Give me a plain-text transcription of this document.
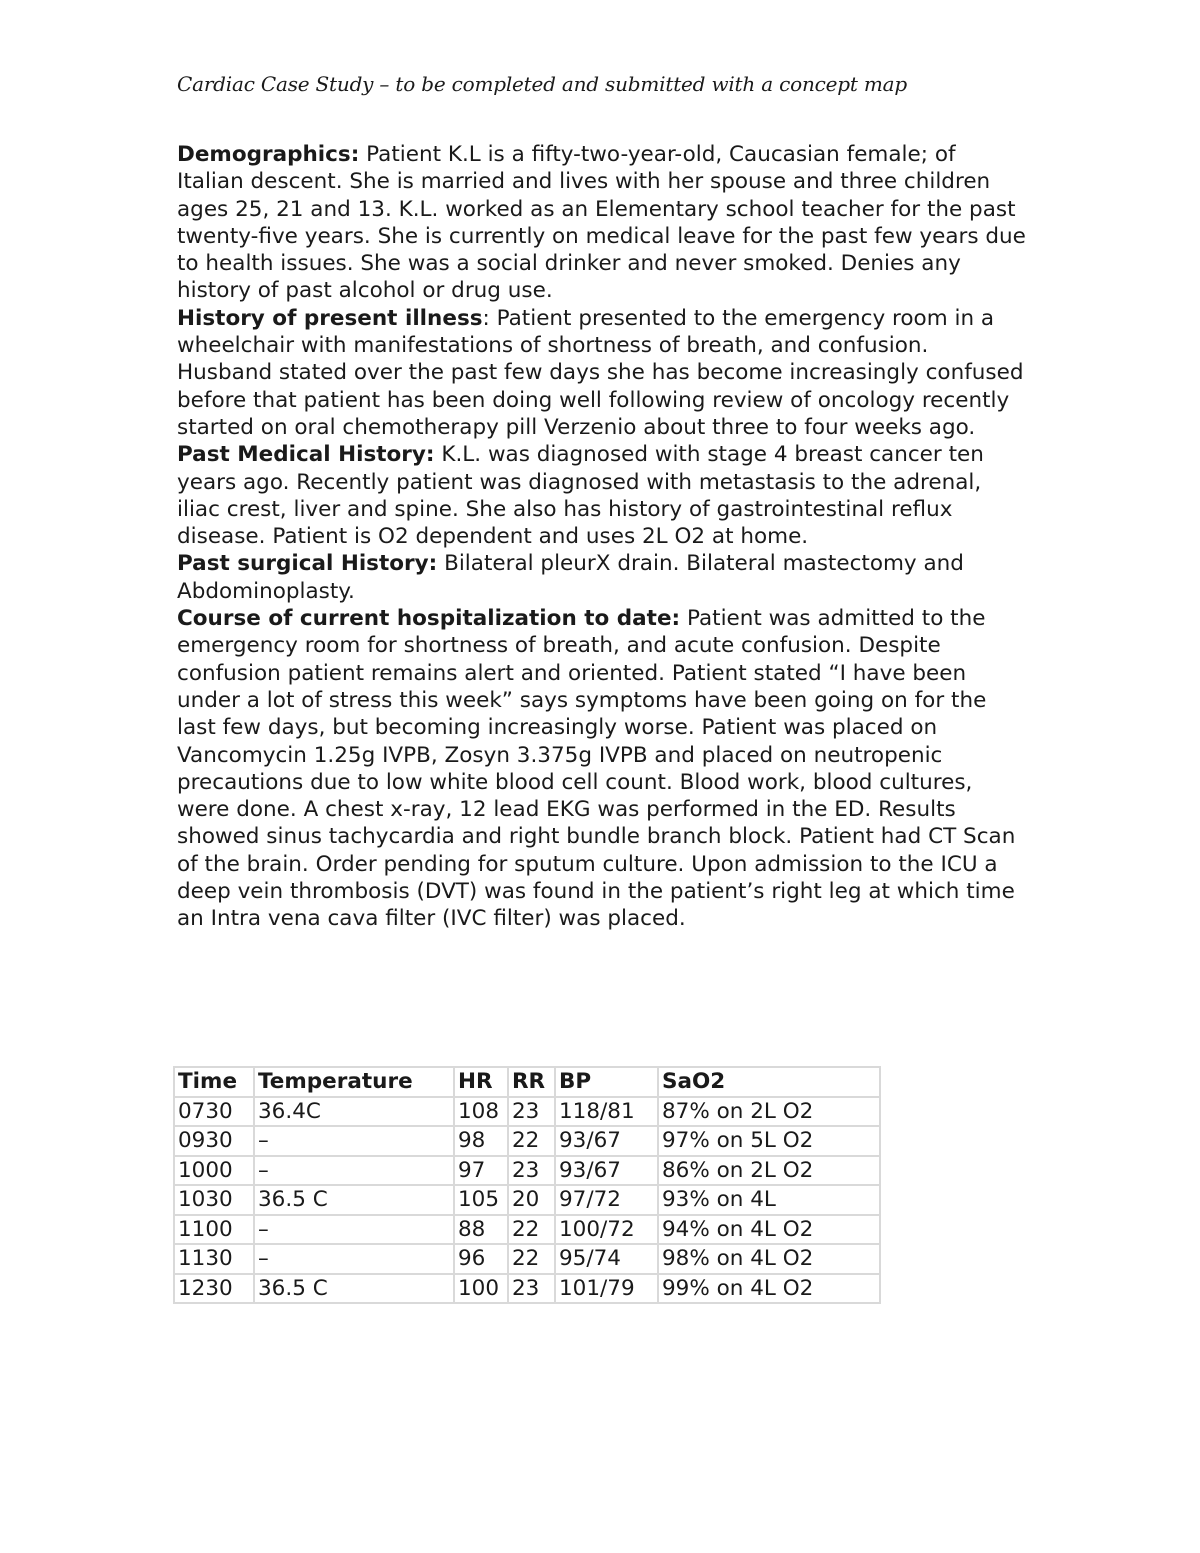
Cardiac Case Study – to be completed and submitted with a concept map

Demographics: Patient K.L is a fifty-two-year-old, Caucasian female; of Italian descent. She is married and lives with her spouse and three children ages 25, 21 and 13. K.L. worked as an Elementary school teacher for the past twenty-five years. She is currently on medical leave for the past few years due to health issues. She was a social drinker and never smoked. Denies any history of past alcohol or drug use.

History of present illness: Patient presented to the emergency room in a wheelchair with manifestations of shortness of breath, and confusion. Husband stated over the past few days she has become increasingly confused before that patient has been doing well following review of oncology recently started on oral chemotherapy pill Verzenio about three to four weeks ago.

Past Medical History: K.L. was diagnosed with stage 4 breast cancer ten years ago. Recently patient was diagnosed with metastasis to the adrenal, iliac crest, liver and spine. She also has history of gastrointestinal reflux disease. Patient is O2 dependent and uses 2L O2 at home.

Past surgical History: Bilateral pleurX drain. Bilateral mastectomy and Abdominoplasty.

Course of current hospitalization to date: Patient was admitted to the emergency room for shortness of breath, and acute confusion. Despite confusion patient remains alert and oriented. Patient stated “I have been under a lot of stress this week” says symptoms have been going on for the last few days, but becoming increasingly worse. Patient was placed on Vancomycin 1.25g IVPB, Zosyn 3.375g IVPB and placed on neutropenic precautions due to low white blood cell count. Blood work, blood cultures, were done. A chest x-ray, 12 lead EKG was performed in the ED. Results showed sinus tachycardia and right bundle branch block. Patient had CT Scan of the brain. Order pending for sputum culture. Upon admission to the ICU a deep vein thrombosis (DVT) was found in the patient’s right leg at which time an Intra vena cava filter (IVC filter) was placed.

Time	Temperature	HR	RR	BP	SaO2
0730	36.4C	108	23	118/81	87% on 2L O2
0930	–	98	22	93/67	97% on 5L O2
1000	–	97	23	93/67	86% on 2L O2
1030	36.5 C	105	20	97/72	93% on 4L
1100	–	88	22	100/72	94% on 4L O2
1130	–	96	22	95/74	98% on 4L O2
1230	36.5 C	100	23	101/79	99% on 4L O2
